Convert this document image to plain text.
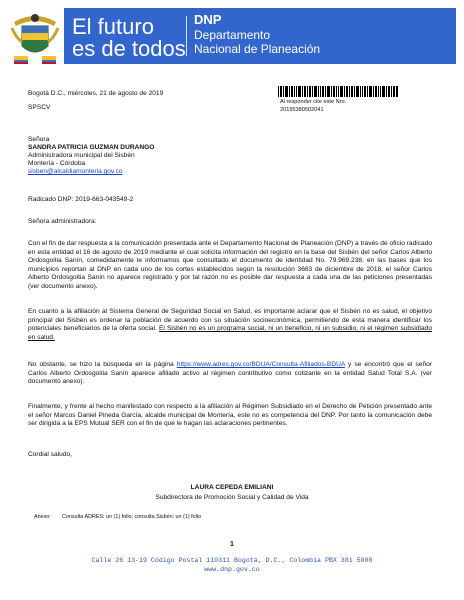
El futuro
es de todos
DNP
Departamento
Nacional de Planeación
Bogotá D.C., miércoles, 21 de agosto de 2019
SPSCV
Al responder cite este Nro.
20195380502041
Señora
SANDRA PATRICIA GUZMAN DURANGO
Administradora municipal del Sisbén
Montería - Córdoba
sisben@alcaldiamonteria.gov.co
Radicado DNP: 2019-663-043549-2
Señora administradora:
Con el fin de dar respuesta a la comunicación presentada ante el Departamento Nacional de Planeación (DNP) a través de oficio radicado en esta entidad el 16 de agosto de 2019 mediante el cual solicita información del registro en la base del Sisbén del señor Carlos Alberto Ordosgoitia Sanín, comedidamente le informamos que consultado el documento de identidad No. 79.969.238, en las bases que los municipios reportan al DNP en cada uno de los cortes establecidos según la resolución 3663 de diciembre de 2018, el señor Carlos Alberto Ordosgoitia Sanín no aparece registrado y por tal razón no es posible dar respuesta a cada una de las peticiones presentadas (ver documento anexo).
En cuanto a la afiliación al Sistema General de Seguridad Social en Salud, es importante aclarar que el Sisbén no es salud, el objetivo principal del Sisbén es ordenar la población de acuerdo con su situación socioeconómica, permitiendo de esta manera identificar los potenciales beneficiarios de la oferta social. El Sisbén no es un programa social, ni un beneficio, ni un subsidio, ni el régimen subsidiado en salud.
No obstante, se hizo la búsqueda en la página https://www.adres.gov.co/BDUA/Consulta-Afiliados-BDUA y se encontró que el señor Carlos Alberto Ordosgoitia Sanín aparece afiliado activo al régimen contributivo como cotizante en la entidad Salud Total S.A. (ver documento anexo).
Finalmente, y frente al hecho manifestado con respecto a la afiliación al Régimen Subsidiado en el Derecho de Petición presentado ante el señor Marcos Daniel Pineda García, alcalde municipal de Montería, este no es competencia del DNP. Por tanto la comunicación debe ser dirigida a la EPS Mutual SER con el fin de que le hagan las aclaraciones pertinentes.
Cordial saludo,
LAURA CEPEDA EMILIANI
Subdirectora de Promoción Social y Calidad de Vida
Anexo: Consulta ADRES: un (1) folio; consulta Sisbén: un (1) folio
1
Calle 26 13-19 Código Postal 110311 Bogotá, D.C., Colombia PBX 381 5000
www.dnp.gov.co
